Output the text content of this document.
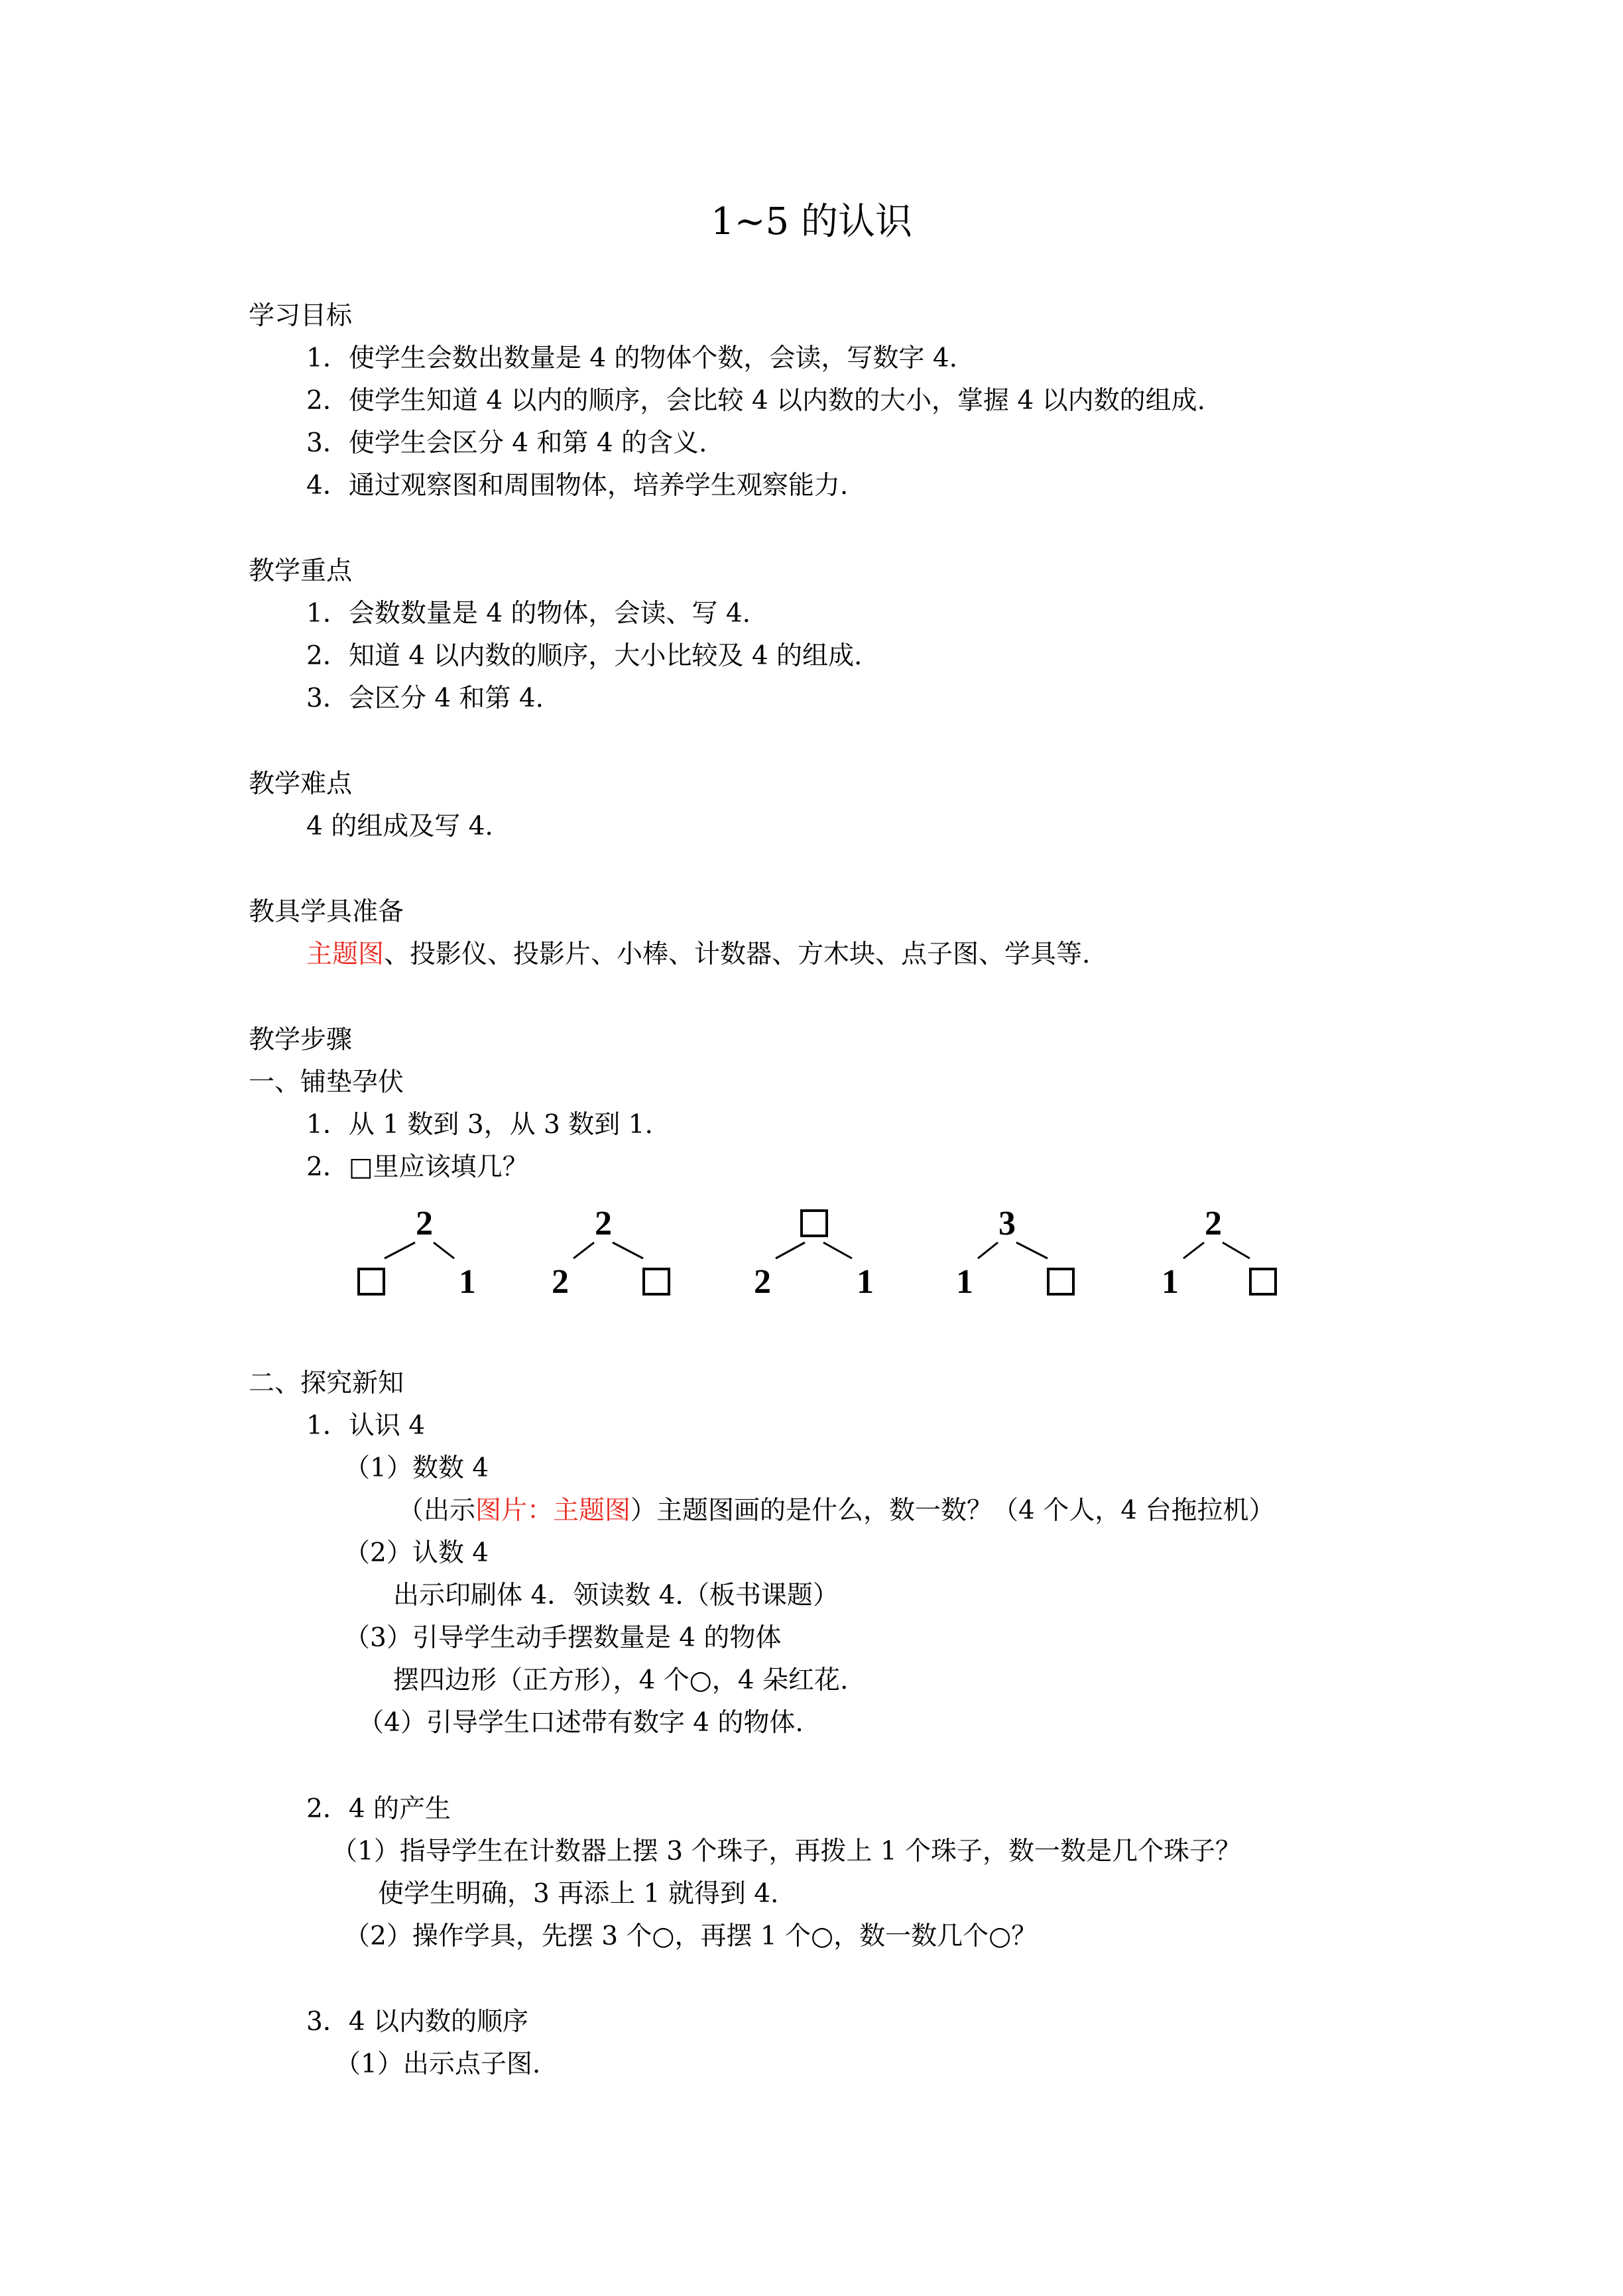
1~5 的认识
学习目标
1．使学生会数出数量是 4 的物体个数，会读，写数字 4.
2．使学生知道 4 以内的顺序，会比较 4 以内数的大小，掌握 4 以内数的组成.
3．使学生会区分 4 和第 4 的含义.
4．通过观察图和周围物体，培养学生观察能力.
教学重点
1．会数数量是 4 的物体，会读、写 4.
2．知道 4 以内数的顺序，大小比较及 4 的组成.
3．会区分 4 和第 4.
教学难点
4 的组成及写 4.
教具学具准备
主题图、投影仪、投影片、小棒、计数器、方木块、点子图、学具等.
教学步骤
一、铺垫孕伏
1．从 1 数到 3，从 3 数到 1.
2．□里应该填几？
2
1
2
2	2 1
3
1
2
1
二、探究新知
1．认识 4
（1）数数 4
（出示图片：主题图）主题图画的是什么，数一数？（4 个人，4 台拖拉机）
（2）认数 4
出示印刷体 4．领读数 4.（板书课题）
（3）引导学生动手摆数量是 4 的物体
摆四边形（正方形），4 个○，4 朵红花.
（4）引导学生口述带有数字 4 的物体.
2．4 的产生
（1）指导学生在计数器上摆 3 个珠子，再拨上 1 个珠子，数一数是几个珠子？
使学生明确，3 再添上 1 就得到 4.
（2）操作学具，先摆 3 个○，再摆 1 个○，数一数几个○？
3．4 以内数的顺序
（1）出示点子图.
